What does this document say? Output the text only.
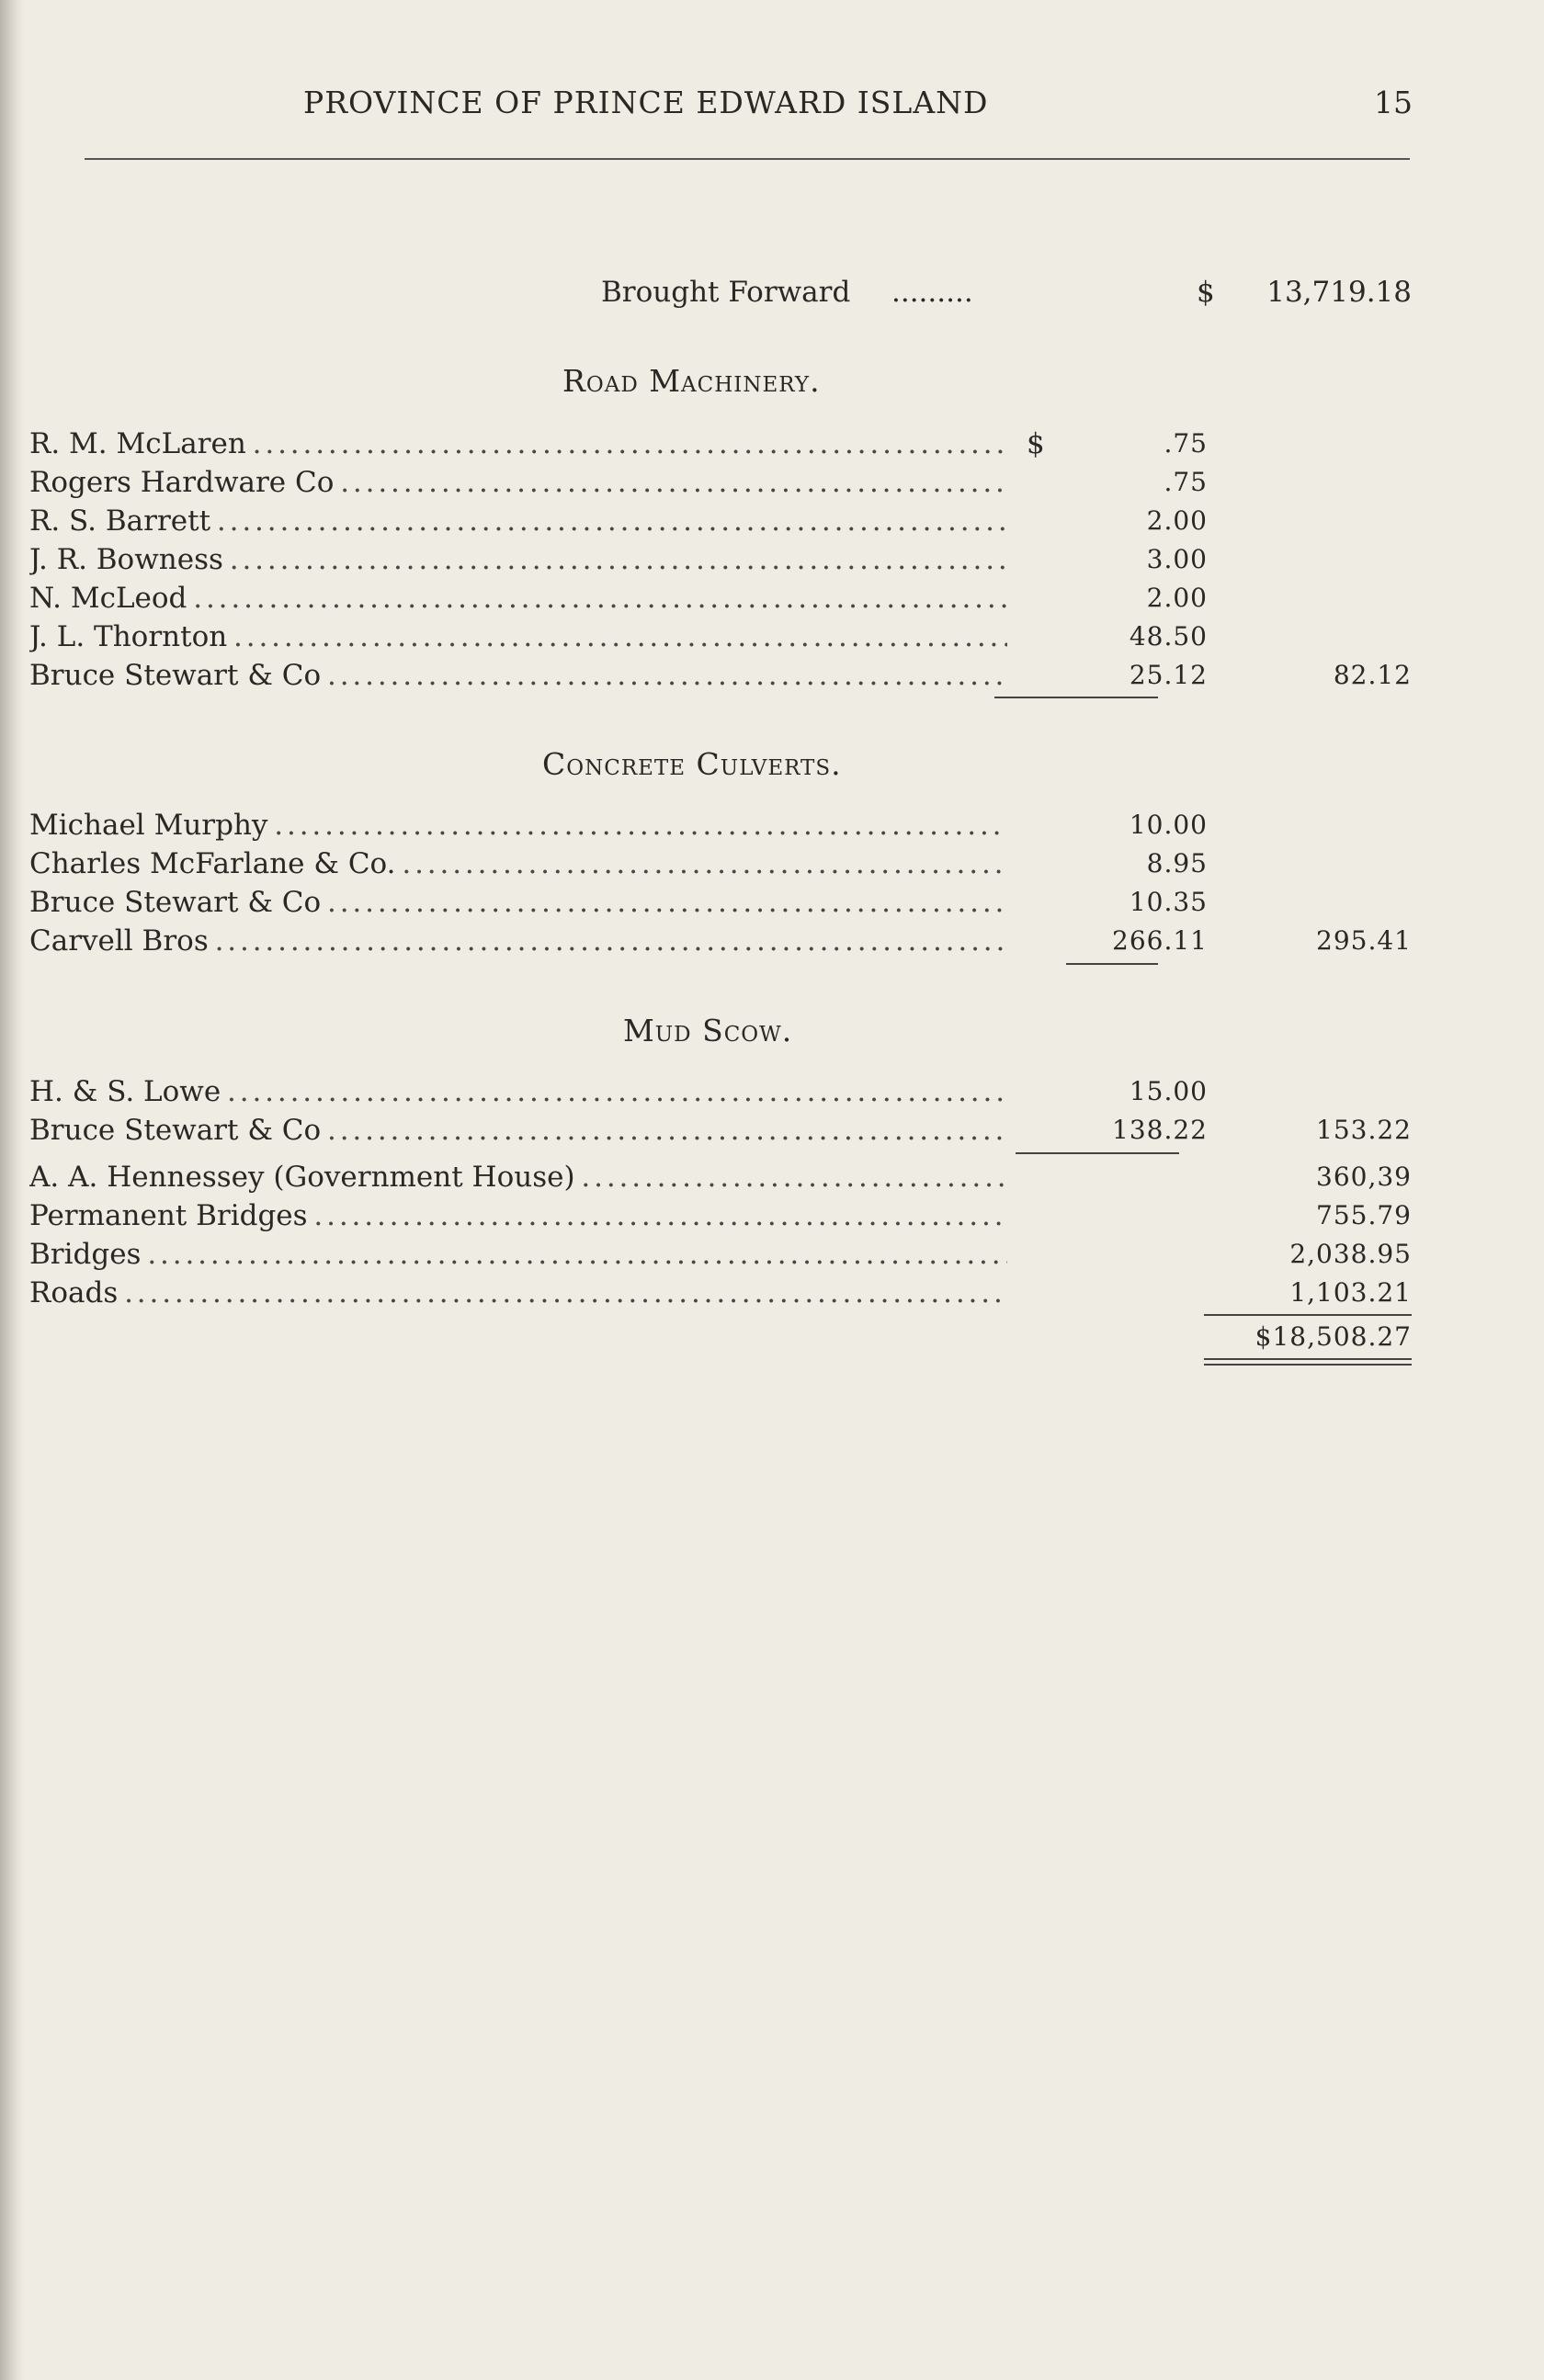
PROVINCE OF PRINCE EDWARD ISLAND	15
Brought Forward .........	$ 13,719.18
Road Machinery.
R. M. McLaren . . .	$	.75
Rogers Hardware Co . . .	.75
R. S. Barrett . . .	2.00
J. R. Bowness . . .	3.00
N. McLeod . . .	2.00
J. L. Thornton . . .	48.50
Bruce Stewart & Co . . .	25.12	82.12
Concrete Culverts.
Michael Murphy . . .	10.00
Charles McFarlane & Co. . . .	8.95
Bruce Stewart & Co . . .	10.35
Carvell Bros . . .	266.11	295.41
Mud Scow.
H. & S. Lowe . . .	15.00
Bruce Stewart & Co . . .	138.22	153.22
A. A. Hennessey (Government House) . . .	360,39
Permanent Bridges . . .	755.79
Bridges . . .	2,038.95
Roads . . .	1,103.21
$18,508.27
